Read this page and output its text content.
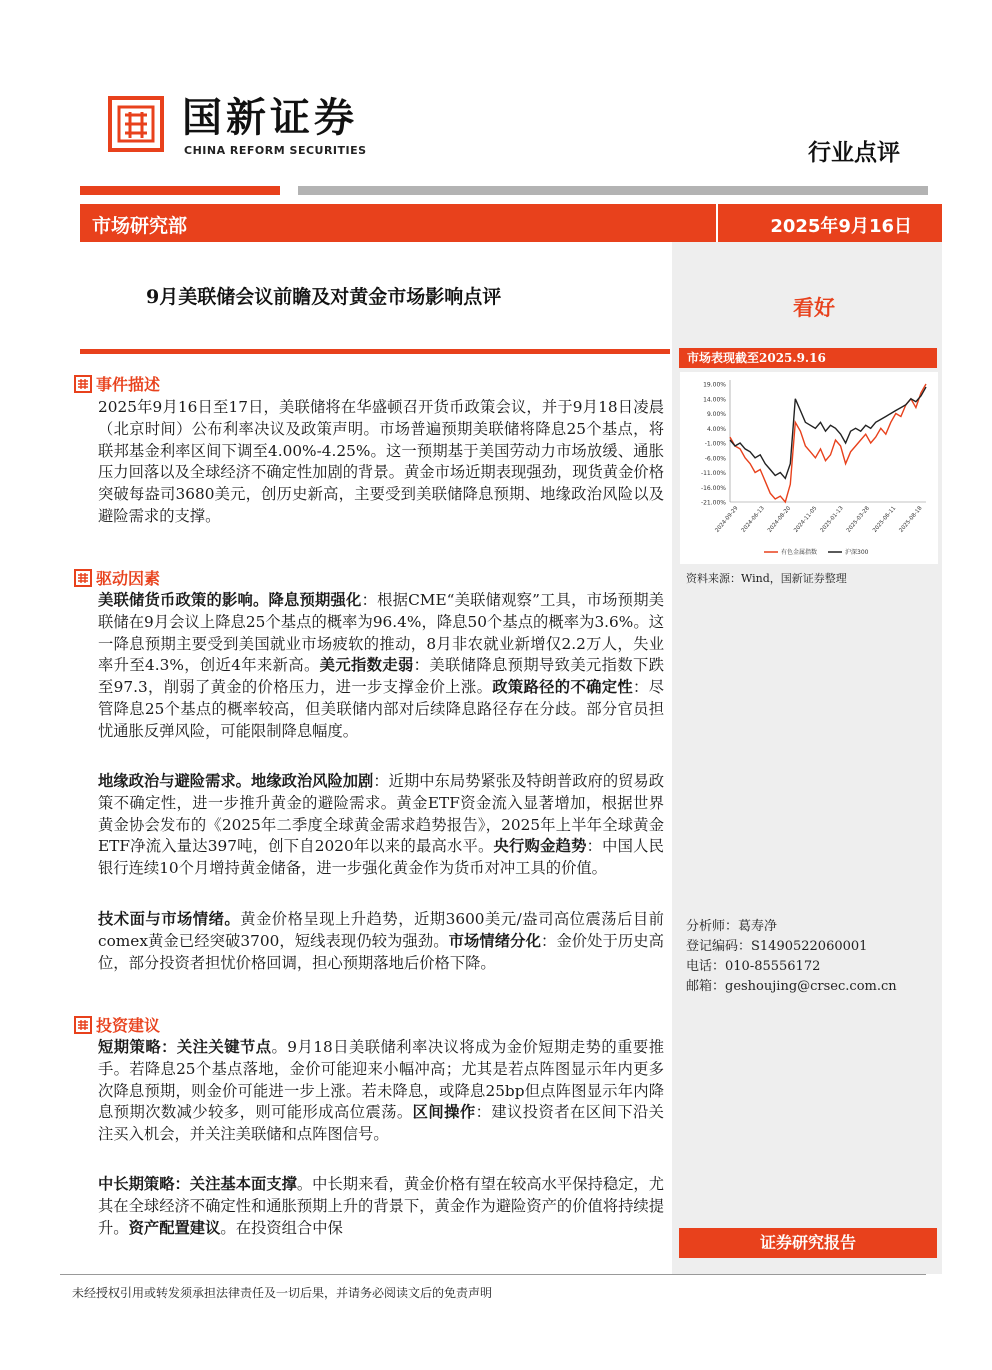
国新证券
CHINA REFORM SECURITIES	行业点评
市场研究部	2025年9月16日
9月美联储会议前瞻及对黄金市场影响点评	看好
事件描述
2025年9月16日至17日，美联储将在华盛顿召开货币政策会议，并于9月18日凌晨（北京时间）公布利率决议及政策声明。市场普遍预期美联储将降息25个基点，将联邦基金利率区间下调至4.00%-4.25%。这一预期基于美国劳动力市场放缓、通胀压力回落以及全球经济不确定性加剧的背景。黄金市场近期表现强劲，现货黄金价格突破每盎司3680美元，创历史新高，主要受到美联储降息预期、地缘政治风险以及避险需求的支撑。
驱动因素
美联储货币政策的影响。降息预期强化：根据CME“美联储观察”工具，市场预期美联储在9月会议上降息25个基点的概率为96.4%，降息50个基点的概率为3.6%。这一降息预期主要受到美国就业市场疲软的推动，8月非农就业新增仅2.2万人，失业率升至4.3%，创近4年来新高。美元指数走弱：美联储降息预期导致美元指数下跌至97.3，削弱了黄金的价格压力，进一步支撑金价上涨。政策路径的不确定性：尽管降息25个基点的概率较高，但美联储内部对后续降息路径存在分歧。部分官员担忧通胀反弹风险，可能限制降息幅度。
地缘政治与避险需求。地缘政治风险加剧：近期中东局势紧张及特朗普政府的贸易政策不确定性，进一步推升黄金的避险需求。黄金ETF资金流入显著增加，根据世界黄金协会发布的《2025年二季度全球黄金需求趋势报告》，2025年上半年全球黄金ETF净流入量达397吨，创下自2020年以来的最高水平。央行购金趋势：中国人民银行连续10个月增持黄金储备，进一步强化黄金作为货币对冲工具的价值。
技术面与市场情绪。黄金价格呈现上升趋势，近期3600美元/盎司高位震荡后目前comex黄金已经突破3700，短线表现仍较为强劲。市场情绪分化：金价处于历史高位，部分投资者担忧价格回调，担心预期落地后价格下降。
投资建议
短期策略：关注关键节点。9月18日美联储利率决议将成为金价短期走势的重要推手。若降息25个基点落地，金价可能迎来小幅冲高；尤其是若点阵图显示年内更多次降息预期，则金价可能进一步上涨。若未降息，或降息25bp但点阵图显示年内降息预期次数减少较多，则可能形成高位震荡。区间操作：建议投资者在区间下沿关注买入机会，并关注美联储和点阵图信号。
中长期策略：关注基本面支撑。中长期来看，黄金价格有望在较高水平保持稳定，尤其在全球经济不确定性和通胀预期上升的背景下，黄金作为避险资产的价值将持续提升。资产配置建议。在投资组合中保
市场表现截至2025.9.16
19.00%
14.00%
9.00%
4.00%
-1.00%
-6.00%
-11.00%
-16.00%
-21.00%
2024-09-29 2024-06-13 2024-08-20 2024-11-05 2025-01-13 2025-03-28 2025-06-11 2025-08-18
有色金属指数	沪深300
资料来源：Wind，国新证券整理
分析师：葛寿净
登记编码：S1490522060001
电话：010-85556172
邮箱：geshoujing@crsec.com.cn
证券研究报告
未经授权引用或转发须承担法律责任及一切后果，并请务必阅读文后的免责声明
